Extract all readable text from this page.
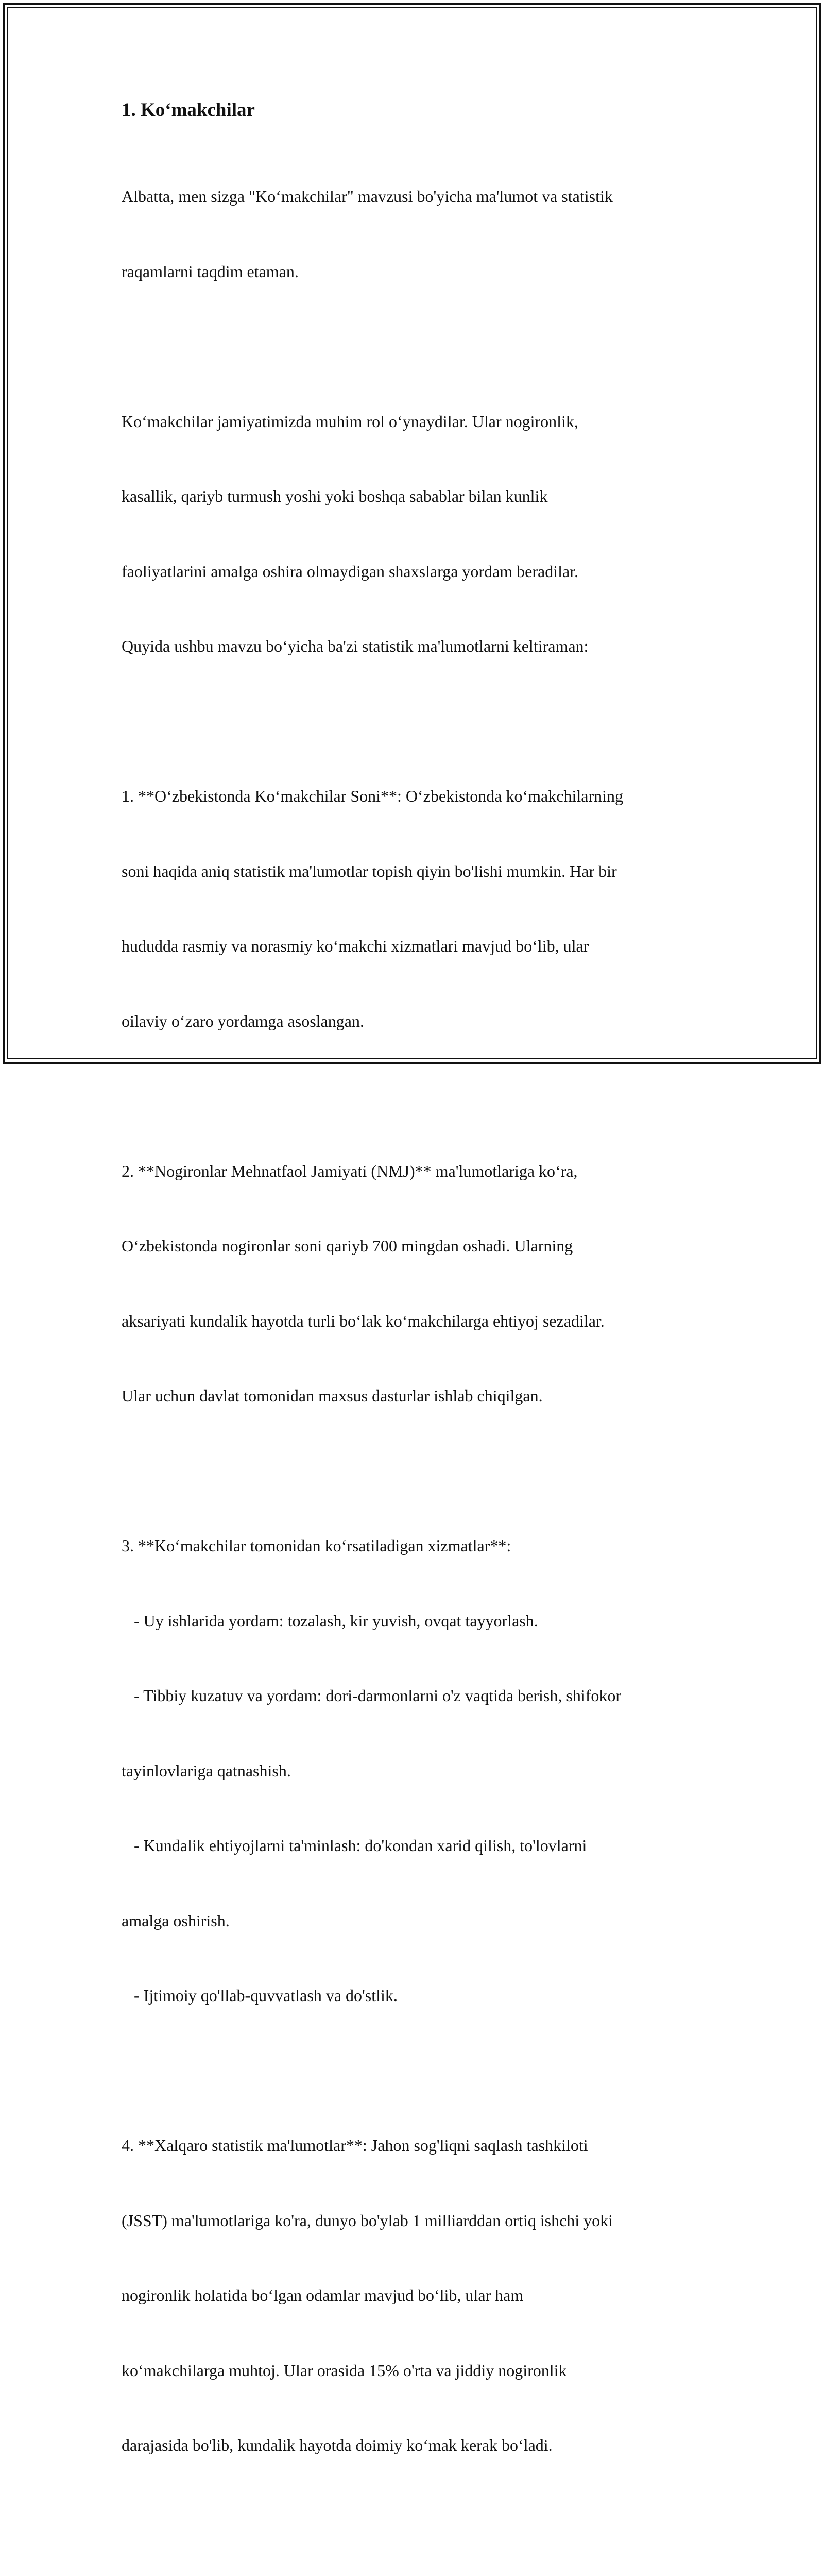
1. Ko‘makchilar

Albatta, men sizga "Ko‘makchilar" mavzusi bo'yicha ma'lumot va statistik

raqamlarni taqdim etaman.

Ko‘makchilar jamiyatimizda muhim rol o‘ynaydilar. Ular nogironlik,

kasallik, qariyb turmush yoshi yoki boshqa sabablar bilan kunlik

faoliyatlarini amalga oshira olmaydigan shaxslarga yordam beradilar.

Quyida ushbu mavzu bo‘yicha ba'zi statistik ma'lumotlarni keltiraman:

1. **O‘zbekistonda Ko‘makchilar Soni**: O‘zbekistonda ko‘makchilarning

soni haqida aniq statistik ma'lumotlar topish qiyin bo'lishi mumkin. Har bir

hududda rasmiy va norasmiy ko‘makchi xizmatlari mavjud bo‘lib, ular

oilaviy o‘zaro yordamga asoslangan.

2. **Nogironlar Mehnatfaol Jamiyati (NMJ)** ma'lumotlariga ko‘ra,

O‘zbekistonda nogironlar soni qariyb 700 mingdan oshadi. Ularning

aksariyati kundalik hayotda turli bo‘lak ko‘makchilarga ehtiyoj sezadilar.

Ular uchun davlat tomonidan maxsus dasturlar ishlab chiqilgan.

3. **Ko‘makchilar tomonidan ko‘rsatiladigan xizmatlar**:

- Uy ishlarida yordam: tozalash, kir yuvish, ovqat tayyorlash.

- Tibbiy kuzatuv va yordam: dori-darmonlarni o'z vaqtida berish, shifokor

tayinlovlariga qatnashish.

- Kundalik ehtiyojlarni ta'minlash: do'kondan xarid qilish, to'lovlarni

amalga oshirish.

- Ijtimoiy qo'llab-quvvatlash va do'stlik.

4. **Xalqaro statistik ma'lumotlar**: Jahon sog'liqni saqlash tashkiloti

(JSST) ma'lumotlariga ko'ra, dunyo bo'ylab 1 milliarddan ortiq ishchi yoki

nogironlik holatida bo‘lgan odamlar mavjud bo‘lib, ular ham

ko‘makchilarga muhtoj. Ular orasida 15% o'rta va jiddiy nogironlik

darajasida bo'lib, kundalik hayotda doimiy ko‘mak kerak bo‘ladi.
